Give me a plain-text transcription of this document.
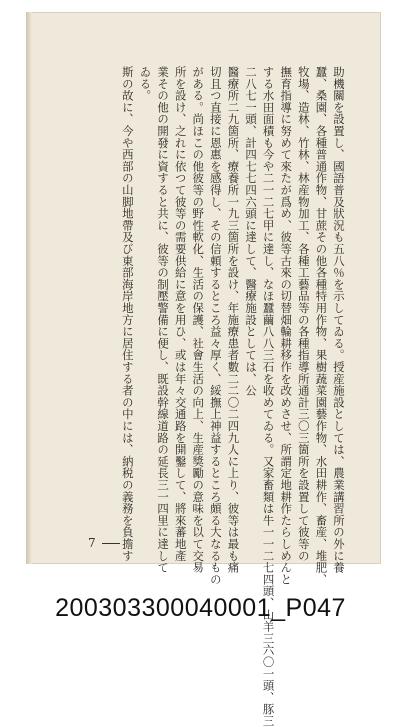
助機關を設置し、國語普及狀況も五八％を示してゐる。授産施設としては、農業講習所の外に養
蠶、桑園、各種普通作物、甘蔗その他各種特用作物、果樹蔬菜園藝作物、水田耕作、畜産、堆肥、
牧場、造林、竹林、林産物加工、各種工藝品等の各種指導所通計三〇三箇所を設置して彼等の
撫育指導に努めて來たが爲め、彼等古來の切替畑輪耕移作を改めさせ、所謂定地耕作たらしめんと
する水田面積も今や二一二七甲に達し、なほ蠶繭八八三石を收めてゐる。又家畜類は牛一一二七四頭、山羊三六〇一頭、豚三
二八七一頭、計四七七四六頭に達して、醫療施設としては、公
醫療所二九箇所、療養所一九三箇所を設け、年施療患者數二二〇二四九人に上り、彼等は最も痛
切且つ直接に恩惠を感得し、その信頼するところ益々厚く、綏撫上神益するところ頗る大なるもの
がある。尚ほこの他彼等の野性軟化、生活の保護、社會生活の向上、生産獎勵の意味を以て交易
所を設け、之れに依つて彼等の需要供給に意を用ひ、或は年々交通路を開鑿して、將來蕃地產
業その他の開發に資すると共に、彼等の制壓警備に便し、既設幹線道路の延長三一四里に達して
ゐる。
斯の故に、今や西部の山脚地帶及び東部海岸地方に居住する者の中には、納税の義務を負擔す
7
200303300040001_P047
